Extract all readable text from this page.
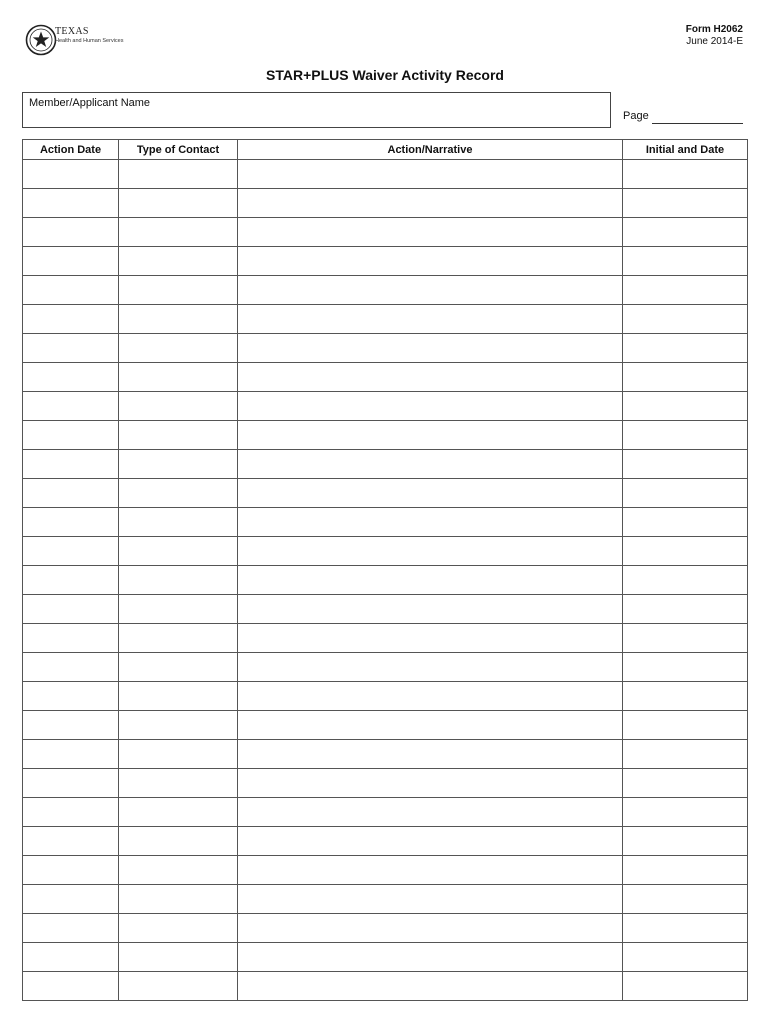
TEXAS
Health and Human Services
Form H2062
June 2014-E
STAR+PLUS Waiver Activity Record
Member/Applicant Name
Page
Action Date	Type of Contact	Action/Narrative	Initial and Date
